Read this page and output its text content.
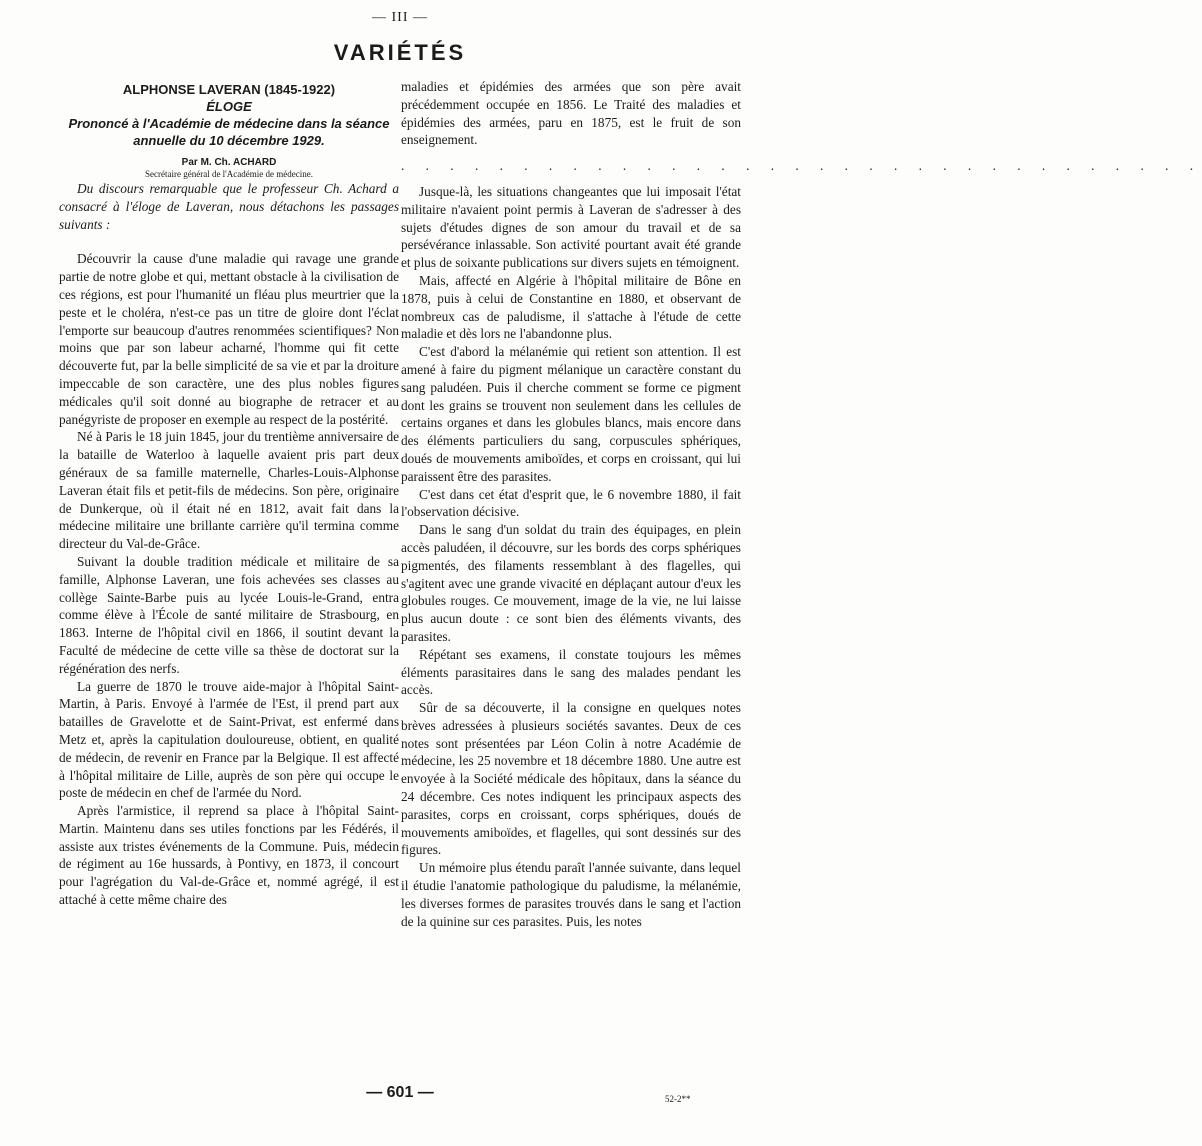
— III —
VARIÉTÉS
ALPHONSE LAVERAN (1845-1922)
ÉLOGE
Prononcé à l'Académie de médecine dans la séance annuelle du 10 décembre 1929.
Par M. Ch. ACHARD
Secrétaire général de l'Académie de médecine.

Du discours remarquable que le professeur Ch. Achard a consacré à l'éloge de Laveran, nous détachons les passages suivants :

Découvrir la cause d'une maladie qui ravage une grande partie de notre globe et qui, mettant obstacle à la civilisation de ces régions, est pour l'humanité un fléau plus meurtrier que la peste et le choléra, n'est-ce pas un titre de gloire dont l'éclat l'emporte sur beaucoup d'autres renommées scientifiques? Non moins que par son labeur acharné, l'homme qui fit cette découverte fut, par la belle simplicité de sa vie et par la droiture impeccable de son caractère, une des plus nobles figures médicales qu'il soit donné au biographe de retracer et au panégyriste de proposer en exemple au respect de la postérité.

Né à Paris le 18 juin 1845, jour du trentième anniversaire de la bataille de Waterloo à laquelle avaient pris part deux généraux de sa famille maternelle, Charles-Louis-Alphonse Laveran était fils et petit-fils de médecins. Son père, originaire de Dunkerque, où il était né en 1812, avait fait dans la médecine militaire une brillante carrière qu'il termina comme directeur du Val-de-Grâce.

Suivant la double tradition médicale et militaire de sa famille, Alphonse Laveran, une fois achevées ses classes au collège Sainte-Barbe puis au lycée Louis-le-Grand, entra comme élève à l'École de santé militaire de Strasbourg, en 1863. Interne de l'hôpital civil en 1866, il soutint devant la Faculté de médecine de cette ville sa thèse de doctorat sur la régénération des nerfs.

La guerre de 1870 le trouve aide-major à l'hôpital Saint-Martin, à Paris. Envoyé à l'armée de l'Est, il prend part aux batailles de Gravelotte et de Saint-Privat, est enfermé dans Metz et, après la capitulation douloureuse, obtient, en qualité de médecin, de revenir en France par la Belgique. Il est affecté à l'hôpital militaire de Lille, auprès de son père qui occupe le poste de médecin en chef de l'armée du Nord.

Après l'armistice, il reprend sa place à l'hôpital Saint-Martin. Maintenu dans ses utiles fonctions par les Fédérés, il assiste aux tristes événements de la Commune. Puis, médecin de régiment au 16e hussards, à Pontivy, en 1873, il concourt pour l'agrégation du Val-de-Grâce et, nommé agrégé, il est attaché à cette même chaire des

maladies et épidémies des armées que son père avait précédemment occupée en 1856. Le Traité des maladies et épidémies des armées, paru en 1875, est le fruit de son enseignement.

. . . . . . . . . . . . . . . . . . . . . . . . . . . . . . . . .

Jusque-là, les situations changeantes que lui imposait l'état militaire n'avaient point permis à Laveran de s'adresser à des sujets d'études dignes de son amour du travail et de sa persévérance inlassable. Son activité pourtant avait été grande et plus de soixante publications sur divers sujets en témoignent.

Mais, affecté en Algérie à l'hôpital militaire de Bône en 1878, puis à celui de Constantine en 1880, et observant de nombreux cas de paludisme, il s'attache à l'étude de cette maladie et dès lors ne l'abandonne plus.

C'est d'abord la mélanémie qui retient son attention. Il est amené à faire du pigment mélanique un caractère constant du sang paludéen. Puis il cherche comment se forme ce pigment dont les grains se trouvent non seulement dans les cellules de certains organes et dans les globules blancs, mais encore dans des éléments particuliers du sang, corpuscules sphériques, doués de mouvements amiboïdes, et corps en croissant, qui lui paraissent être des parasites.

C'est dans cet état d'esprit que, le 6 novembre 1880, il fait l'observation décisive.

Dans le sang d'un soldat du train des équipages, en plein accès paludéen, il découvre, sur les bords des corps sphériques pigmentés, des filaments ressemblant à des flagelles, qui s'agitent avec une grande vivacité en déplaçant autour d'eux les globules rouges. Ce mouvement, image de la vie, ne lui laisse plus aucun doute : ce sont bien des éléments vivants, des parasites.

Répétant ses examens, il constate toujours les mêmes éléments parasitaires dans le sang des malades pendant les accès.

Sûr de sa découverte, il la consigne en quelques notes brèves adressées à plusieurs sociétés savantes. Deux de ces notes sont présentées par Léon Colin à notre Académie de médecine, les 25 novembre et 18 décembre 1880. Une autre est envoyée à la Société médicale des hôpitaux, dans la séance du 24 décembre. Ces notes indiquent les principaux aspects des parasites, corps en croissant, corps sphériques, doués de mouvements amiboïdes, et flagelles, qui sont dessinés sur des figures.

Un mémoire plus étendu paraît l'année suivante, dans lequel il étudie l'anatomie pathologique du paludisme, la mélanémie, les diverses formes de parasites trouvés dans le sang et l'action de la quinine sur ces parasites. Puis, les notes

— 601 —	52-2**
